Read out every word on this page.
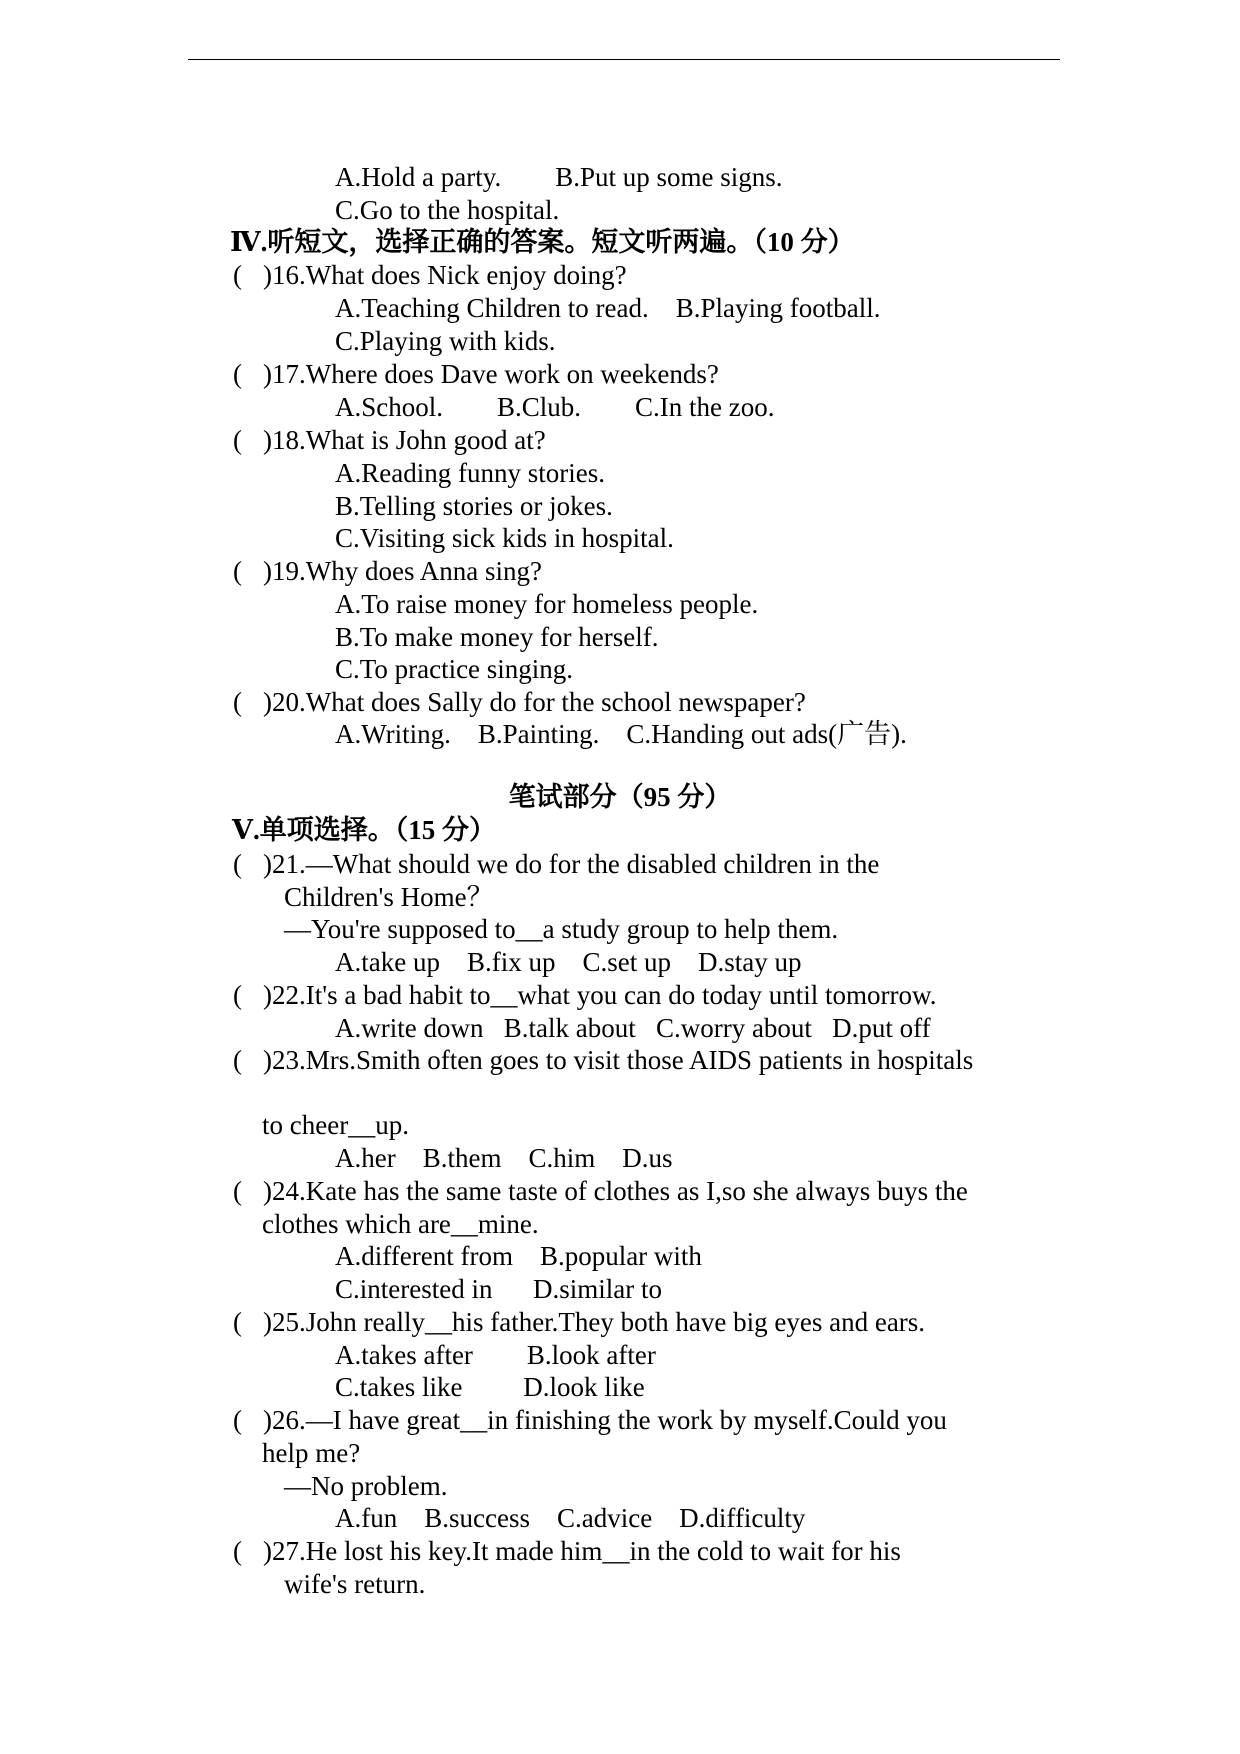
A.Hold a party.        B.Put up some signs.
C.Go to the hospital.
Ⅳ.听短文，选择正确的答案。短文听两遍。（10 分）
( )16.What does Nick enjoy doing?
A.Teaching Children to read.    B.Playing football.
C.Playing with kids.
( )17.Where does Dave work on weekends?
A.School.        B.Club.        C.In the zoo.
( )18.What is John good at?
A.Reading funny stories.
B.Telling stories or jokes.
C.Visiting sick kids in hospital.
( )19.Why does Anna sing?
A.To raise money for homeless people.
B.To make money for herself.
C.To practice singing.
( )20.What does Sally do for the school newspaper?
A.Writing.    B.Painting.    C.Handing out ads(广告).
笔试部分（95 分）
Ⅴ.单项选择。（15 分）
( )21.—What should we do for the disabled children in the
Children's Home？
—You're supposed to__a study group to help them.
A.take up    B.fix up    C.set up    D.stay up
( )22.It's a bad habit to__what you can do today until tomorrow.
A.write down   B.talk about   C.worry about   D.put off
( )23.Mrs.Smith often goes to visit those AIDS patients in hospitals
to cheer__up.
A.her    B.them    C.him    D.us
( )24.Kate has the same taste of clothes as I,so she always buys the
clothes which are__mine.
A.different from    B.popular with
C.interested in      D.similar to
( )25.John really__his father.They both have big eyes and ears.
A.takes after        B.look after
C.takes like         D.look like
( )26.—I have great__in finishing the work by myself.Could you
help me?
—No problem.
A.fun    B.success    C.advice    D.difficulty
( )27.He lost his key.It made him__in the cold to wait for his
wife's return.
